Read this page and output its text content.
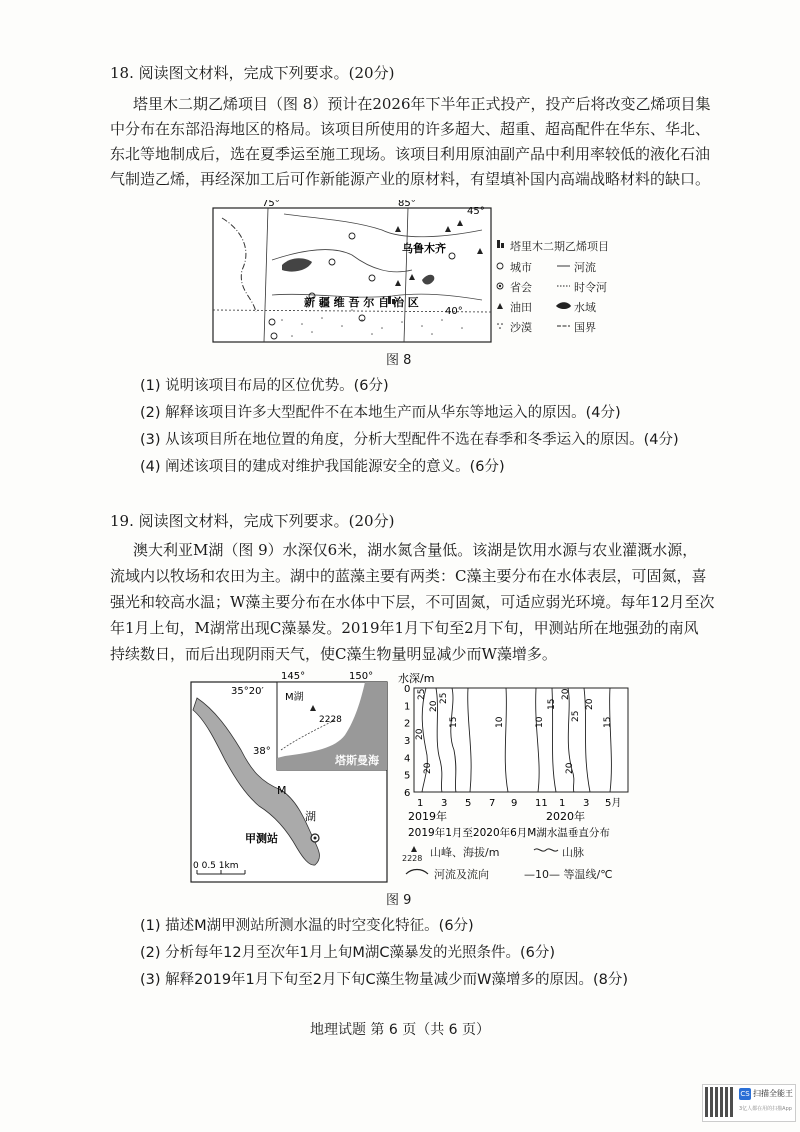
18. 阅读图文材料，完成下列要求。(20分)
塔里木二期乙烯项目（图 8）预计在2026年下半年正式投产，投产后将改变乙烯项目集
中分布在东部沿海地区的格局。该项目所使用的许多超大、超重、超高配件在华东、华北、
东北等地制成后，选在夏季运至施工现场。该项目利用原油副产品中利用率较低的液化石油
气制造乙烯，再经深加工后可作新能源产业的原材料，有望填补国内高端战略材料的缺口。
75°	85°
45°
40°
乌鲁木齐
新 疆 维 吾 尔 自 治 区
塔里木二期乙烯项目
城市	河流
省会	时令河
油田	水域
沙漠	国界
图 8
(1) 说明该项目布局的区位优势。(6分)
(2) 解释该项目许多大型配件不在本地生产而从华东等地运入的原因。(4分)
(3) 从该项目所在地位置的角度，分析大型配件不选在春季和冬季运入的原因。(4分)
(4) 阐述该项目的建成对维护我国能源安全的意义。(6分)
19. 阅读图文材料，完成下列要求。(20分)
澳大利亚M湖（图 9）水深仅6米，湖水氮含量低。该湖是饮用水源与农业灌溉水源，
流域内以牧场和农田为主。湖中的蓝藻主要有两类：C藻主要分布在水体表层，可固氮，喜
强光和较高水温；W藻主要分布在水体中下层，不可固氮，可适应弱光环境。每年12月至次
年1月上旬，M湖常出现C藻暴发。2019年1月下旬至2月下旬，甲测站所在地强劲的南风
持续数日，而后出现阴雨天气，使C藻生物量明显减少而W藻增多。
M湖
2228
塔斯曼海
145°	150°
35°20′
38°
M
湖
甲测站
0 0.5 1km
水深/m
25
20
25
20
15	10	10
15
20
25
20
15
20	20
0
1
2
3
4
5
6
1 3 5 7 9 11 1 3 5月
2019年	2020年
2019年1月至2020年6月M湖水温垂直分布
2228 山峰、海拔/m	山脉
河流及流向	—10— 等温线/℃
图 9
(1) 描述M湖甲测站所测水温的时空变化特征。(6分)
(2) 分析每年12月至次年1月上旬M湖C藻暴发的光照条件。(6分)
(3) 解释2019年1月下旬至2月下旬C藻生物量减少而W藻增多的原因。(8分)
地理试题 第 6 页（共 6 页）
CS 扫描全能王
3亿人都在用的扫描App
